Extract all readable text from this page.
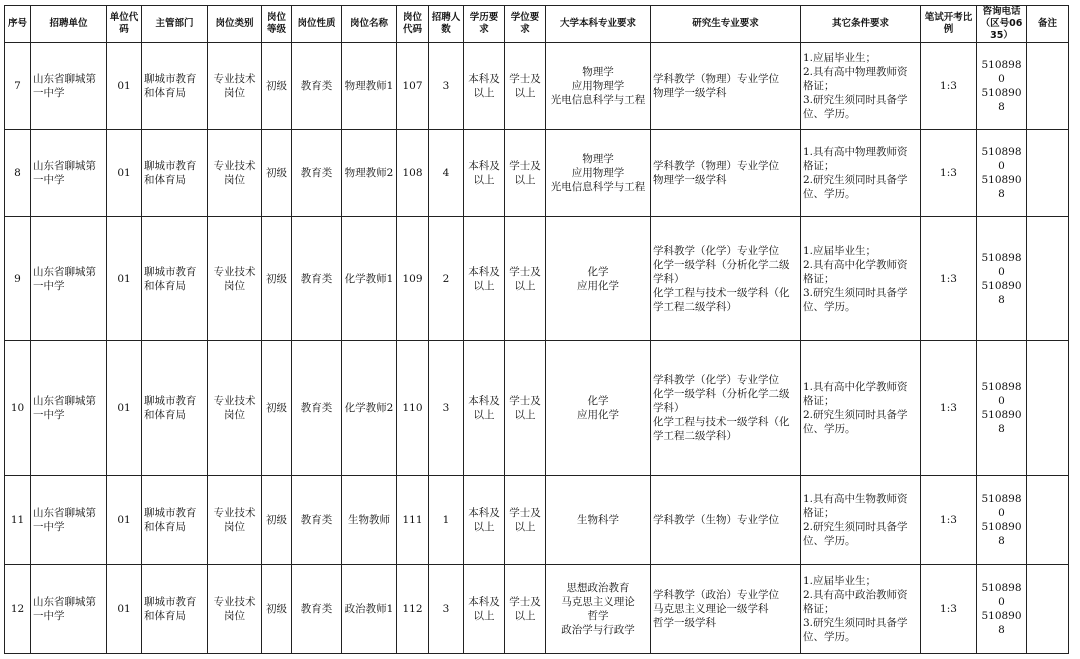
序号	招聘单位	单位代码	主管部门	岗位类别	岗位等级	岗位性质	岗位名称	岗位代码	招聘人数	学历要求	学位要求	大学本科专业要求	研究生专业要求	其它条件要求	笔试开考比例	咨询电话（区号0635）	备注
7	山东省聊城第一中学	01	聊城市教育和体育局	专业技术岗位	初级	教育类	物理教师1	107	3	本科及以上	学士及以上	物理学
应用物理学
光电信息科学与工程	学科教学（物理）专业学位
物理学一级学科	1.应届毕业生；
2.具有高中物理教师资格证；
3.研究生须同时具备学位、学历。	1:3	5108980
5108908	
8	山东省聊城第一中学	01	聊城市教育和体育局	专业技术岗位	初级	教育类	物理教师2	108	4	本科及以上	学士及以上	物理学
应用物理学
光电信息科学与工程	学科教学（物理）专业学位
物理学一级学科	1.具有高中物理教师资格证；
2.研究生须同时具备学位、学历。	1:3	5108980
5108908	
9	山东省聊城第一中学	01	聊城市教育和体育局	专业技术岗位	初级	教育类	化学教师1	109	2	本科及以上	学士及以上	化学
应用化学	学科教学（化学）专业学位
化学一级学科（分析化学二级学科）
化学工程与技术一级学科（化学工程二级学科）	1.应届毕业生；
2.具有高中化学教师资格证；
3.研究生须同时具备学位、学历。	1:3	5108980
5108908	
10	山东省聊城第一中学	01	聊城市教育和体育局	专业技术岗位	初级	教育类	化学教师2	110	3	本科及以上	学士及以上	化学
应用化学	学科教学（化学）专业学位
化学一级学科（分析化学二级学科）
化学工程与技术一级学科（化学工程二级学科）	1.具有高中化学教师资格证；
2.研究生须同时具备学位、学历。	1:3	5108980
5108908	
11	山东省聊城第一中学	01	聊城市教育和体育局	专业技术岗位	初级	教育类	生物教师	111	1	本科及以上	学士及以上	生物科学	学科教学（生物）专业学位	1.具有高中生物教师资格证；
2.研究生须同时具备学位、学历。	1:3	5108980
5108908	
12	山东省聊城第一中学	01	聊城市教育和体育局	专业技术岗位	初级	教育类	政治教师1	112	3	本科及以上	学士及以上	思想政治教育
马克思主义理论
哲学
政治学与行政学	学科教学（政治）专业学位
马克思主义理论一级学科
哲学一级学科	1.应届毕业生；
2.具有高中政治教师资格证；
3.研究生须同时具备学位、学历。	1:3	5108980
5108908	
